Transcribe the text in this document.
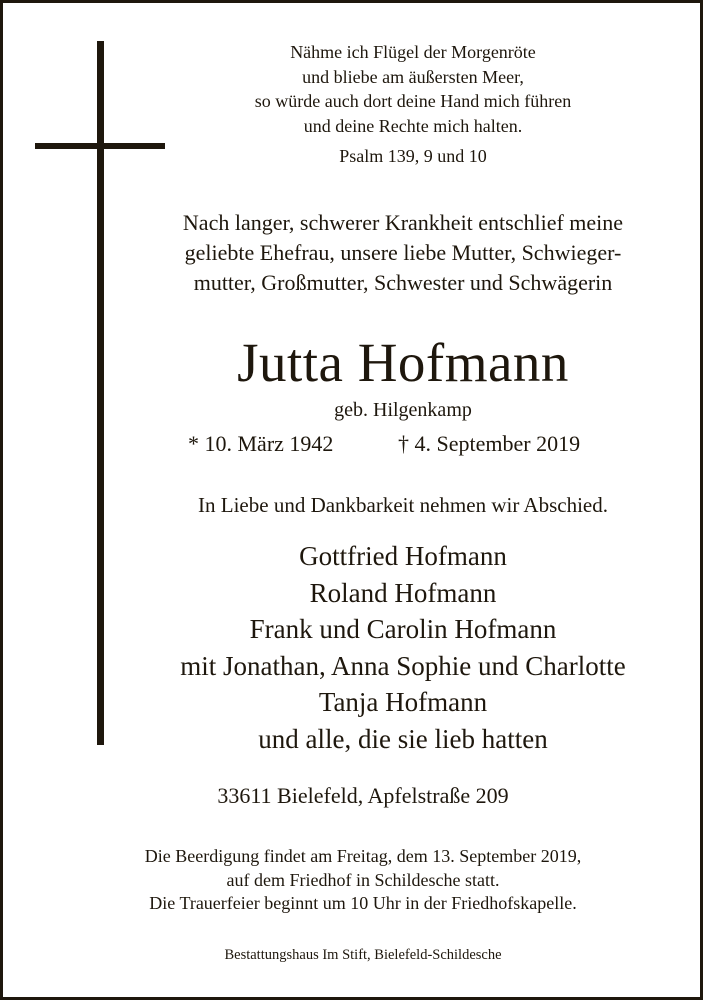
Nähme ich Flügel der Morgenröte
und bliebe am äußersten Meer,
so würde auch dort deine Hand mich führen
und deine Rechte mich halten.
Psalm 139, 9 und 10
Nach langer, schwerer Krankheit entschlief meine
geliebte Ehefrau, unsere liebe Mutter, Schwieger-
mutter, Großmutter, Schwester und Schwägerin
Jutta Hofmann
geb. Hilgenkamp
* 10. März 1942	† 4. September 2019
In Liebe und Dankbarkeit nehmen wir Abschied.
Gottfried Hofmann
Roland Hofmann
Frank und Carolin Hofmann
mit Jonathan, Anna Sophie und Charlotte
Tanja Hofmann
und alle, die sie lieb hatten
33611 Bielefeld, Apfelstraße 209
Die Beerdigung findet am Freitag, dem 13. September 2019,
auf dem Friedhof in Schildesche statt.
Die Trauerfeier beginnt um 10 Uhr in der Friedhofskapelle.
Bestattungshaus Im Stift, Bielefeld-Schildesche
